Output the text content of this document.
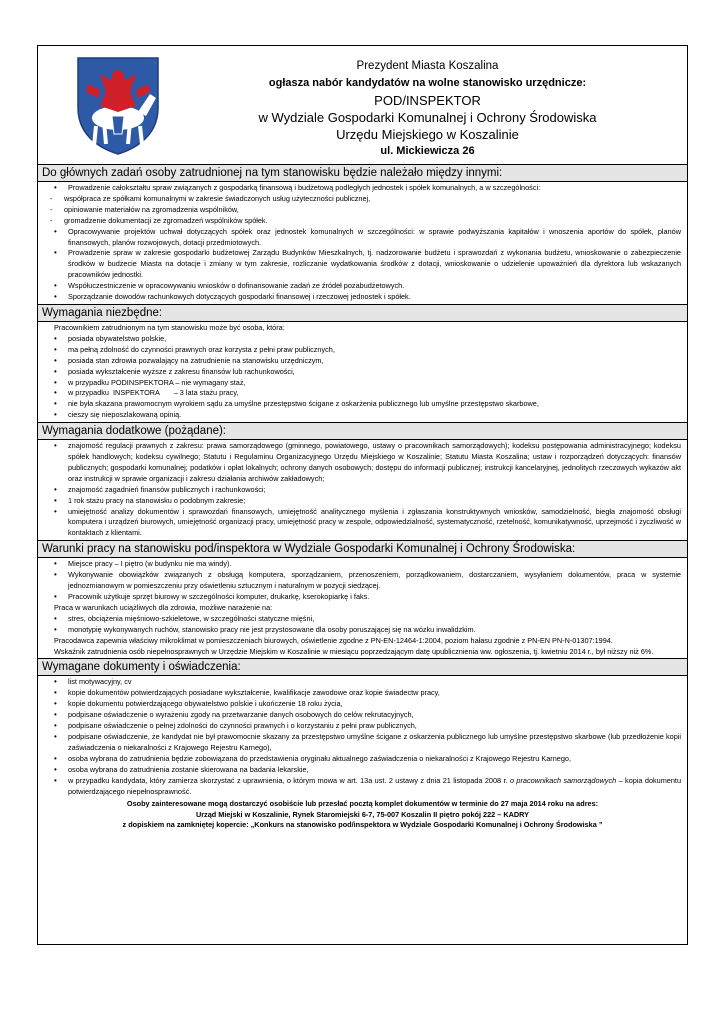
Prezydent Miasta Koszalina
ogłasza nabór kandydatów na wolne stanowisko urzędnicze:
POD/INSPEKTOR
w Wydziale Gospodarki Komunalnej i Ochrony Środowiska
Urzędu Miejskiego w Koszalinie
ul. Mickiewicza 26
Do głównych zadań osoby zatrudnionej na tym stanowisku będzie należało między innymi:
• Prowadzenie całokształtu spraw związanych z gospodarką finansową i budżetową podległych jednostek i spółek komunalnych, a w szczególności:
- współpraca ze spółkami komunalnymi w zakresie świadczonych usług użyteczności publicznej,
- opiniowanie materiałów na zgromadzenia wspólników,
- gromadzenie dokumentacji ze zgromadzeń wspólników spółek.
• Opracowywanie projektów uchwał dotyczących spółek oraz jednostek komunalnych w szczególności: w sprawie podwyższania kapitałów i wnoszenia aportów do spółek, planów finansowych, planów rozwojowych, dotacji przedmiotowych.
• Prowadzenie spraw w zakresie gospodarki budżetowej Zarządu Budynków Mieszkalnych, tj. nadzorowanie budżetu i sprawozdań z wykonania budżetu, wnioskowanie o zabezpieczenie środków w budżecie Miasta na dotacje i zmiany w tym zakresie, rozliczanie wydatkowania środków z dotacji, wnioskowanie o udzielenie upoważnień dla dyrektora lub wskazanych pracowników jednostki.
• Współuczestniczenie w opracowywaniu wniosków o dofinansowanie zadań ze źródeł pozabudżetowych.
• Sporządzanie dowodów rachunkowych dotyczących gospodarki finansowej i rzeczowej jednostek i spółek.
Wymagania niezbędne:
Pracownikiem zatrudnionym na tym stanowisku może być osoba, która:
• posiada obywatelstwo polskie,
• ma pełną zdolność do czynności prawnych oraz korzysta z pełni praw publicznych,
• posiada stan zdrowia pozwalający na zatrudnienie na stanowisku urzędniczym,
• posiada wykształcenie wyższe z zakresu finansów lub rachunkowości,
• w przypadku PODINSPEKTORA – nie wymagany staż,
• w przypadku  INSPEKTORA       – 3 lata stażu pracy,
• nie była skazana prawomocnym wyrokiem sądu za umyślne przestępstwo ścigane z oskarżenia publicznego lub umyślne przestępstwo skarbowe,
• cieszy się nieposzlakowaną opinią.
Wymagania dodatkowe (pożądane):
• znajomość regulacji prawnych z zakresu: prawa samorządowego (gminnego, powiatowego, ustawy o pracownikach samorządowych); kodeksu postępowania administracyjnego; kodeksu spółek handlowych; kodeksu cywilnego; Statutu i Regulaminu Organizacyjnego Urzędu Miejskiego w Koszalinie; Statutu Miasta Koszalina; ustaw i rozporządzeń dotyczących: finansów publicznych; gospodarki komunalnej; podatków i opłat lokalnych; ochrony danych osobowych; dostępu do informacji publicznej; instrukcji kancelaryjnej, jednolitych rzeczowych wykazów akt oraz instrukcji w sprawie organizacji i zakresu działania archiwów zakładowych;
• znajomość zagadnień finansów publicznych i rachunkowości;
• 1 rok stażu pracy na stanowisku o podobnym zakresie;
• umiejętność analizy dokumentów i sprawozdań finansowych, umiejętność analitycznego myślenia i zgłaszania konstruktywnych wniosków, samodzielność, biegła znajomość obsługi komputera i urządzeń biurowych, umiejętność organizacji pracy, umiejętność pracy w zespole, odpowiedzialność, systematyczność, rzetelność, komunikatywność, uprzejmość i życzliwość w kontaktach z klientami.
Warunki pracy na stanowisku pod/inspektora w Wydziale Gospodarki Komunalnej i Ochrony Środowiska:
• Miejsce pracy – I piętro (w budynku nie ma windy).
• Wykonywanie obowiązków związanych z obsługą komputera, sporządzaniem, przenoszeniem, porządkowaniem, dostarczaniem, wysyłaniem dokumentów, praca w systemie jednozmianowym w pomieszczeniu przy oświetleniu sztucznym i naturalnym w pozycji siedzącej.
• Pracownik użytkuje sprzęt biurowy w szczególności komputer, drukarkę, kserokopiarkę i faks.
Praca w warunkach uciążliwych dla zdrowia, możliwe narażenie na:
• stres, obciążenia mięśniowo-szkieletowe, w szczególności statyczne mięśni,
• monotypię wykonywanych ruchów, stanowisko pracy nie jest przystosowane dla osoby poruszającej się na wózku inwalidzkim.
Pracodawca zapewnia właściwy mikroklimat w pomieszczeniach biurowych, oświetlenie zgodne z PN-EN-12464-1:2004, poziom hałasu zgodnie z PN-EN PN-N-01307:1994.
Wskaźnik zatrudnienia osób niepełnosprawnych w Urzędzie Miejskim w Koszalinie w miesiącu poprzedzającym datę upublicznienia ww. ogłoszenia, tj. kwietniu 2014 r., był niższy niż 6%.
Wymagane dokumenty i oświadczenia:
• list motywacyjny, cv
• kopie dokumentów potwierdzających posiadane wykształcenie, kwalifikacje zawodowe oraz kopie świadectw pracy,
• kopie dokumentu potwierdzającego obywatelstwo polskie i ukończenie 18 roku życia,
• podpisane oświadczenie o wyrażeniu zgody na przetwarzanie danych osobowych do celów rekrutacyjnych,
• podpisane oświadczenie o pełnej zdolności do czynności prawnych i o korzystaniu z pełni praw publicznych,
• podpisane oświadczenie, że kandydat nie był prawomocnie skazany za przestępstwo umyślne ścigane z oskarżenia publicznego lub umyślne przestępstwo skarbowe (lub przedłożenie kopii zaświadczenia o niekaralności z Krajowego Rejestru Karnego),
• osoba wybrana do zatrudnienia będzie zobowiązana do przedstawienia oryginału aktualnego zaświadczenia o niekaralności z Krajowego Rejestru Karnego,
• osoba wybrana do zatrudnienia zostanie skierowana na badania lekarskie,
• w przypadku kandydata, który zamierza skorzystać z uprawnienia, o którym mowa w art. 13a ust. 2 ustawy z dnia 21 listopada 2008 r. o pracownikach samorządowych – kopia dokumentu potwierdzającego niepełnosprawność.
Osoby zainteresowane mogą dostarczyć osobiście lub przesłać pocztą komplet dokumentów w terminie do 27 maja 2014 roku na adres:
Urząd Miejski w Koszalinie, Rynek Staromiejski 6-7, 75-007 Koszalin II piętro pokój 222 – KADRY
z dopiskiem na zamkniętej kopercie: „Konkurs na stanowisko pod/inspektora w Wydziale Gospodarki Komunalnej i Ochrony Środowiska ”
